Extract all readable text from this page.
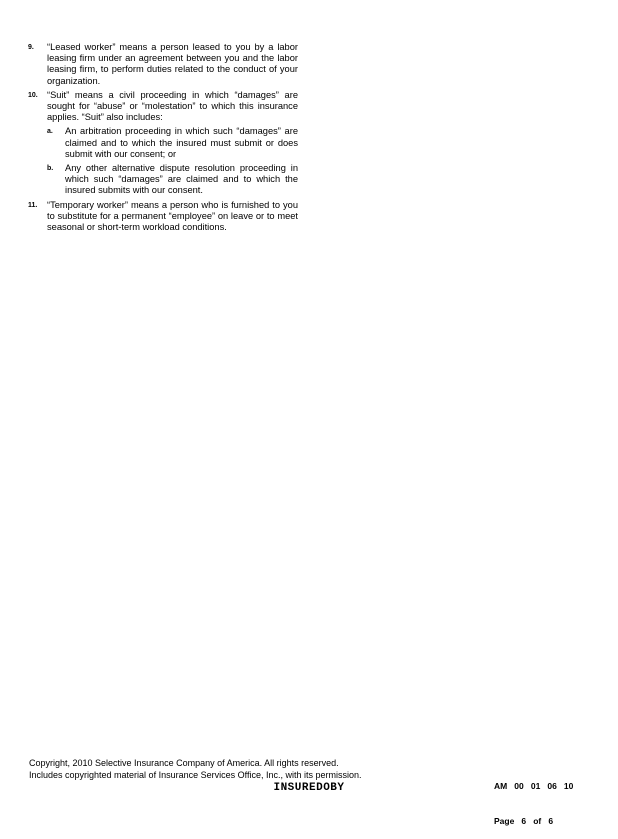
9. “Leased worker” means a person leased to you by a labor leasing firm under an agreement between you and the labor leasing firm, to perform duties related to the conduct of your organization.
10. “Suit” means a civil proceeding in which “damages” are sought for “abuse” or “molestation” to which this insurance applies. “Suit” also includes:
a. An arbitration proceeding in which such “damages” are claimed and to which the insured must submit or does submit with our consent; or
b. Any other alternative dispute resolution proceeding in which such “damages” are claimed and to which the insured submits with our consent.
11. “Temporary worker” means a person who is furnished to you to substitute for a permanent “employee” on leave or to meet seasonal or short-term workload conditions.
Copyright, 2010 Selective Insurance Company of America. All rights reserved.
Includes copyrighted material of Insurance Services Office, Inc., with its permission.

AM   00   01   06   10

Page   6   of   6

INSUREDOBY
